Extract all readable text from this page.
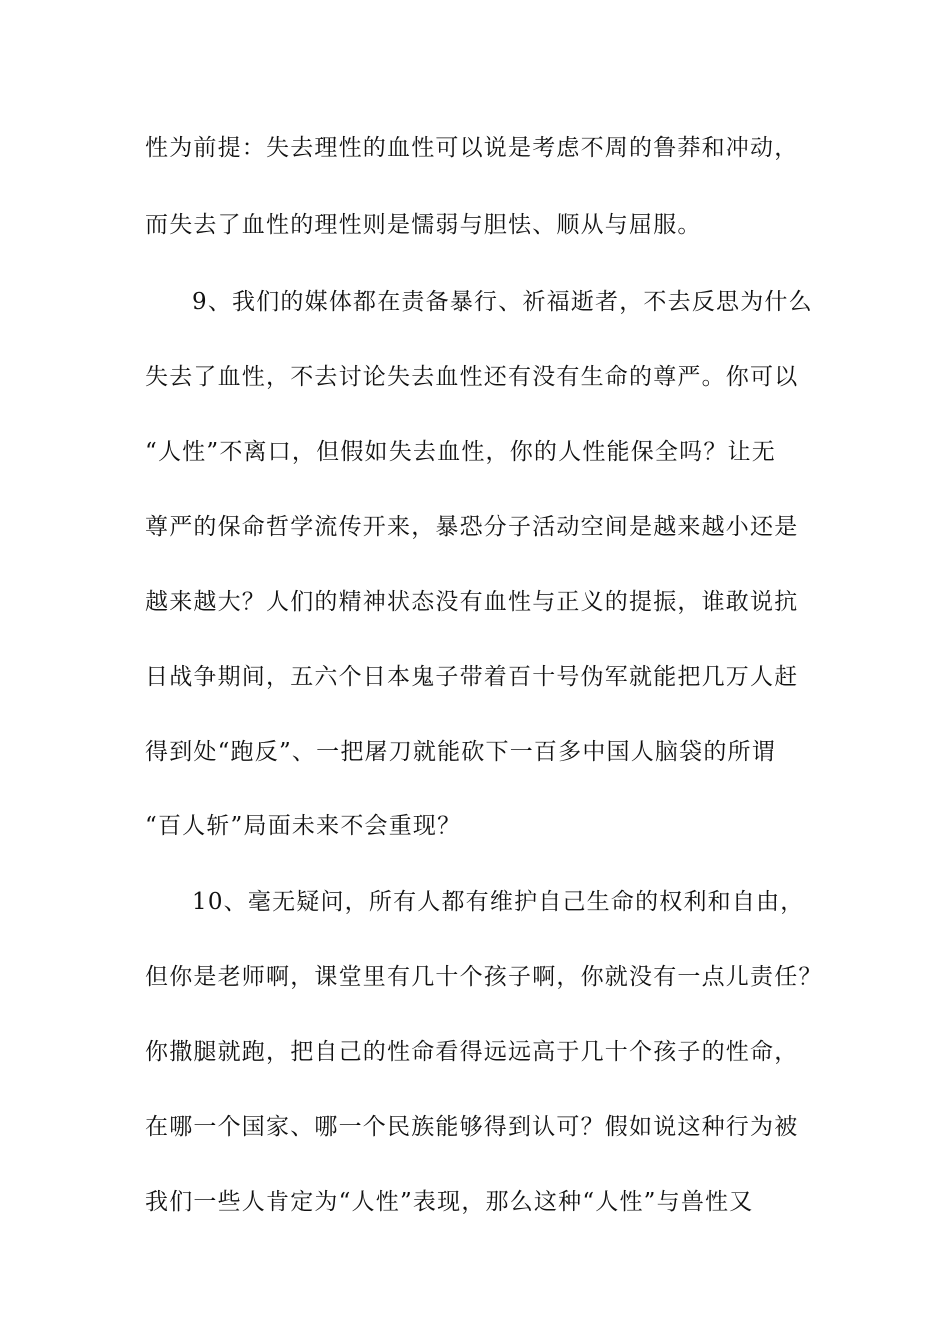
性为前提：失去理性的血性可以说是考虑不周的鲁莽和冲动，
而失去了血性的理性则是懦弱与胆怯、顺从与屈服。
9、我们的媒体都在责备暴行、祈福逝者，不去反思为什么
失去了血性，不去讨论失去血性还有没有生命的尊严。你可以
“人性”不离口，但假如失去血性，你的人性能保全吗？让无
尊严的保命哲学流传开来，暴恐分子活动空间是越来越小还是
越来越大？人们的精神状态没有血性与正义的提振，谁敢说抗
日战争期间，五六个日本鬼子带着百十号伪军就能把几万人赶
得到处“跑反”、一把屠刀就能砍下一百多中国人脑袋的所谓
“百人斩”局面未来不会重现？
10、毫无疑问，所有人都有维护自己生命的权利和自由，
但你是老师啊，课堂里有几十个孩子啊，你就没有一点儿责任？
你撒腿就跑，把自己的性命看得远远高于几十个孩子的性命，
在哪一个国家、哪一个民族能够得到认可？假如说这种行为被
我们一些人肯定为“人性”表现，那么这种“人性”与兽性又
